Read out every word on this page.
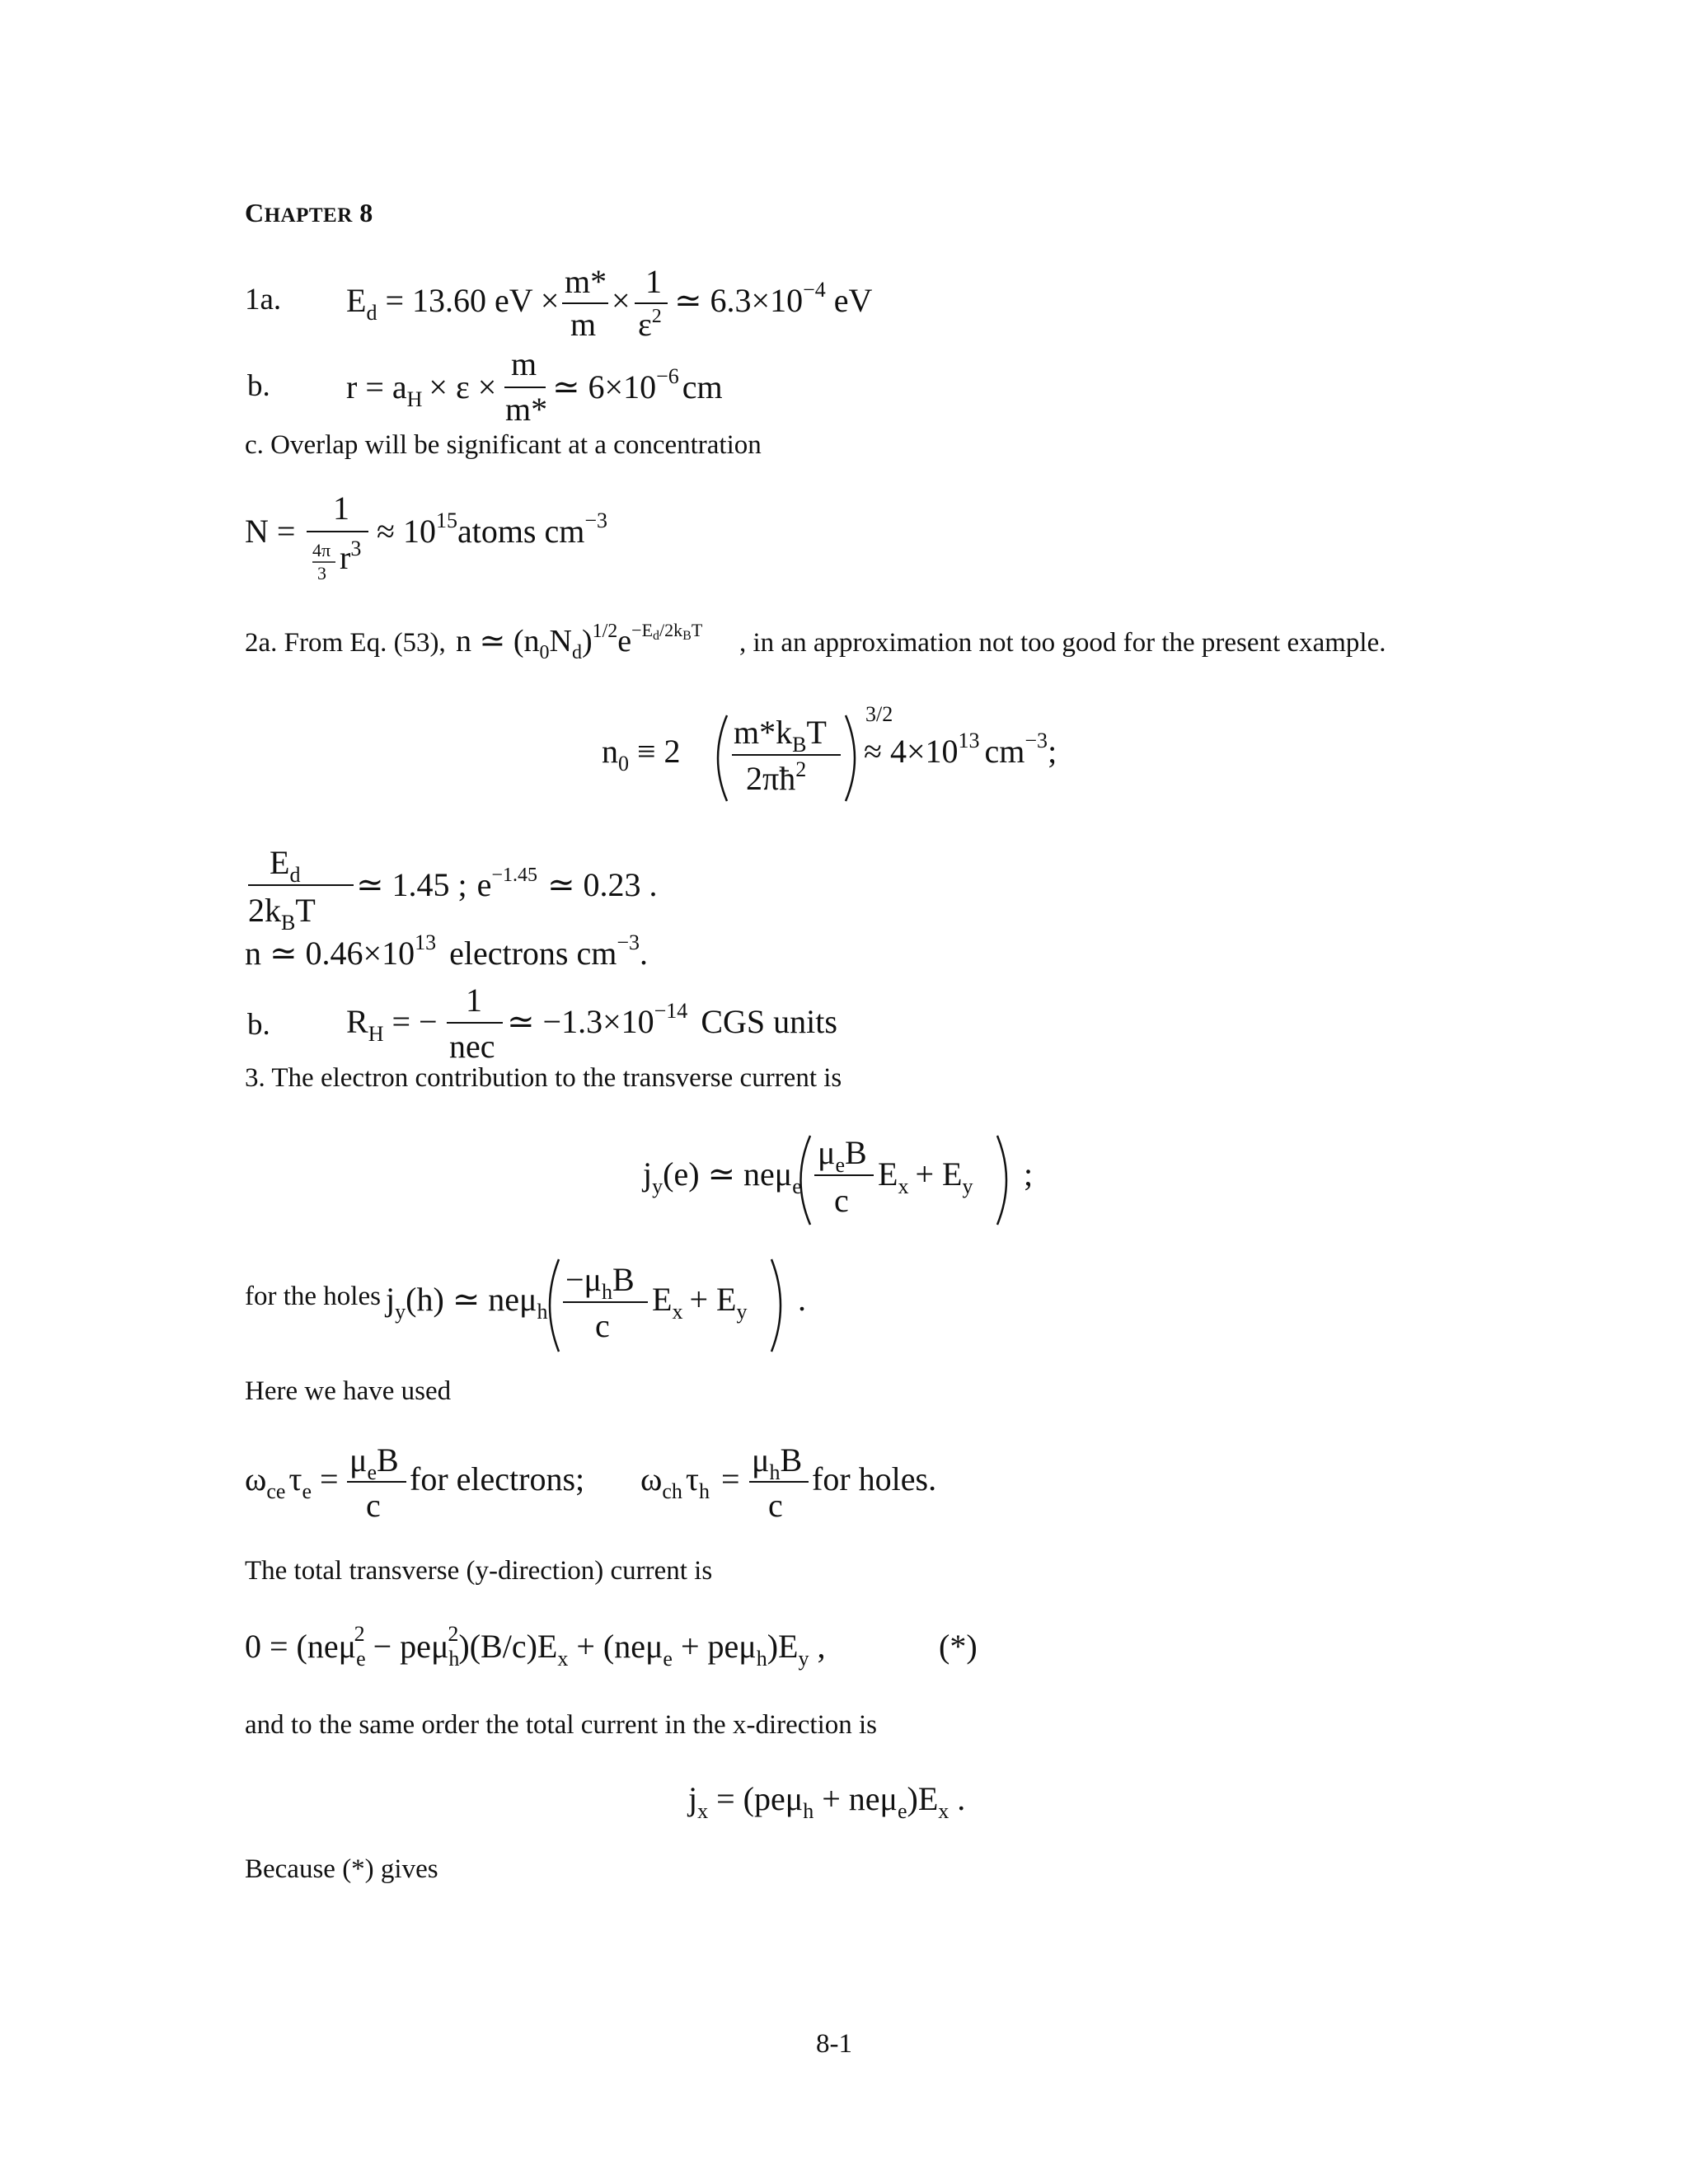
CHAPTER 8
1a. $E_d = 13.60$ eV ×
m*
m
×
1
$\varepsilon^2$ ≃ $6.3\times 10^{-4}$ eV
b. $r = a_H \times \varepsilon$ ×
m
m*
≃ $6\times 10^{-6}$ cm
c. Overlap will be significant at a concentration
N =
1
4π
3 $r^3$ ≈ $10^{15}atoms$ $cm^{-3}$
2a. From Eq. (53), n ≃ $(n_0N_d)^{1/2}e^{-E}d/2kBT$ , in an approximation not too good for the present example.
$n_0 \equiv 2$
$m*k_BT$
$2\pi ħ^2$
3/2
≈ $4\times 10^{13}$ $cm^{-3}$;
$E_d$
$2k_BT$
≃ 1.45 ; $e^{-1.45}$ ≃ 0.23 .
n ≃ $0.46\times 10^{13}$ electrons $cm^{-3}$.
b. $R_H$ = −
1
nec
≃ $-1.3\times 10^{-14}$ CGS units
3. The electron contribution to the transverse current is
$j_y(e)$ ≃ neμ$_e$
$\mu_eB$
c
$E_x + E_y$ ;
for the holes $j_y(h)$ ≃ neμ$_h$
$-\mu_hB$
c
$E_x + E_y$ .
Here we have used
$\omega_{ce}$ $\tau_e$ =
$\mu_eB$
c
for electrons; $\omega_{ch}$ $\tau_h$ =
$\mu_hB$
c
for holes.
The total transverse (y-direction) current is
$0 = (ne\mu_e2 - pe\mu_h2)(B/c)E_x + (ne\mu_e + pe\mu_h)E_y$ ,	(*)
and to the same order the total current in the x-direction is
$j_x = (pe\mu_h + ne\mu_e)E_x$ .
Because (*) gives
8-1
